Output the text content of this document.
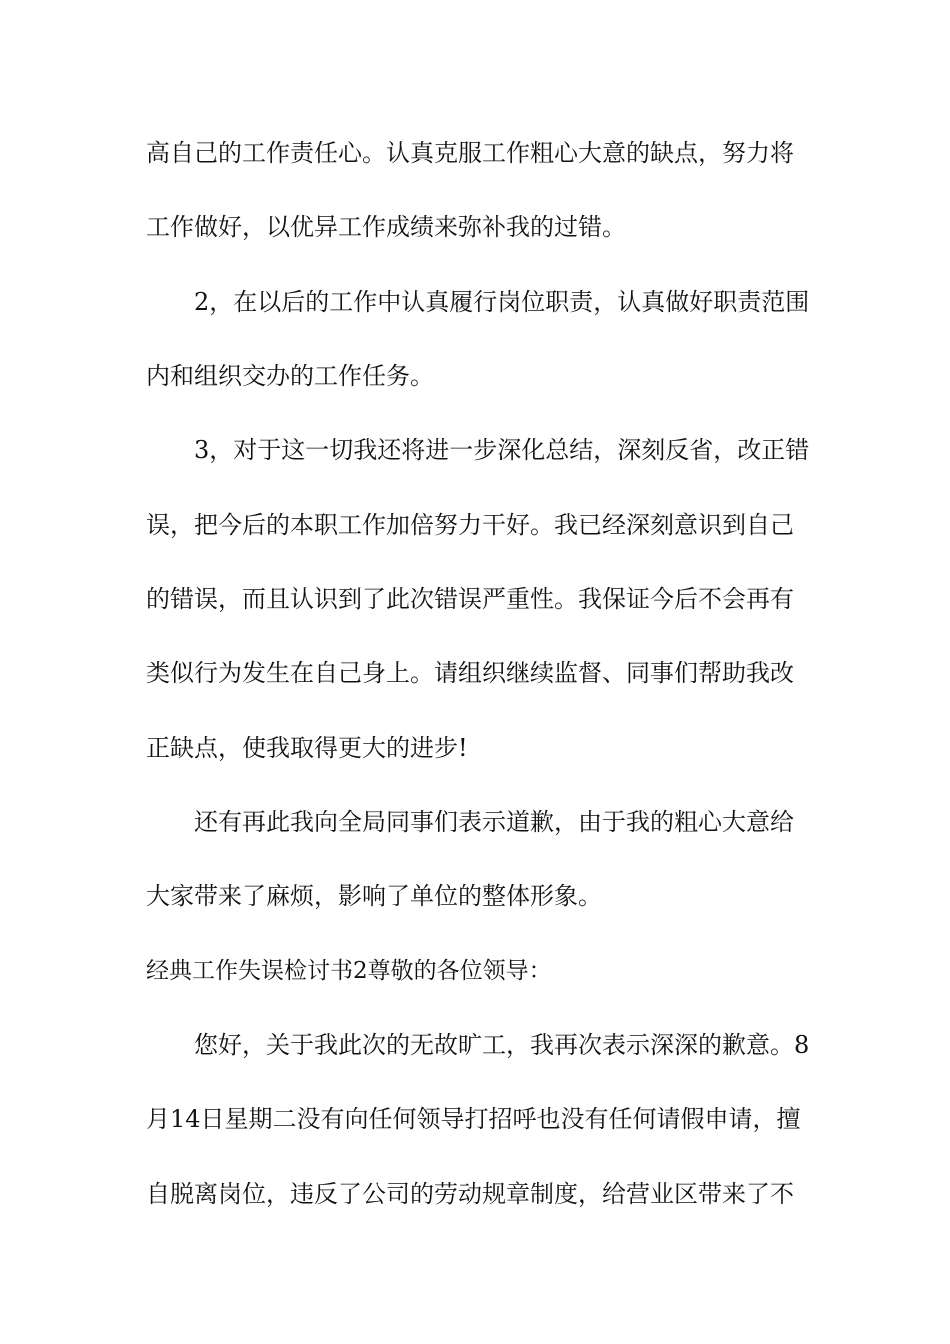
高自己的工作责任心。认真克服工作粗心大意的缺点，努力将
工作做好，以优异工作成绩来弥补我的过错。
2，在以后的工作中认真履行岗位职责，认真做好职责范围
内和组织交办的工作任务。
3，对于这一切我还将进一步深化总结，深刻反省，改正错
误，把今后的本职工作加倍努力干好。我已经深刻意识到自己
的错误，而且认识到了此次错误严重性。我保证今后不会再有
类似行为发生在自己身上。请组织继续监督、同事们帮助我改
正缺点，使我取得更大的进步!
还有再此我向全局同事们表示道歉，由于我的粗心大意给
大家带来了麻烦，影响了单位的整体形象。
经典工作失误检讨书2尊敬的各位领导：
您好，关于我此次的无故旷工，我再次表示深深的歉意。8
月14日星期二没有向任何领导打招呼也没有任何请假申请，擅
自脱离岗位，违反了公司的劳动规章制度，给营业区带来了不
